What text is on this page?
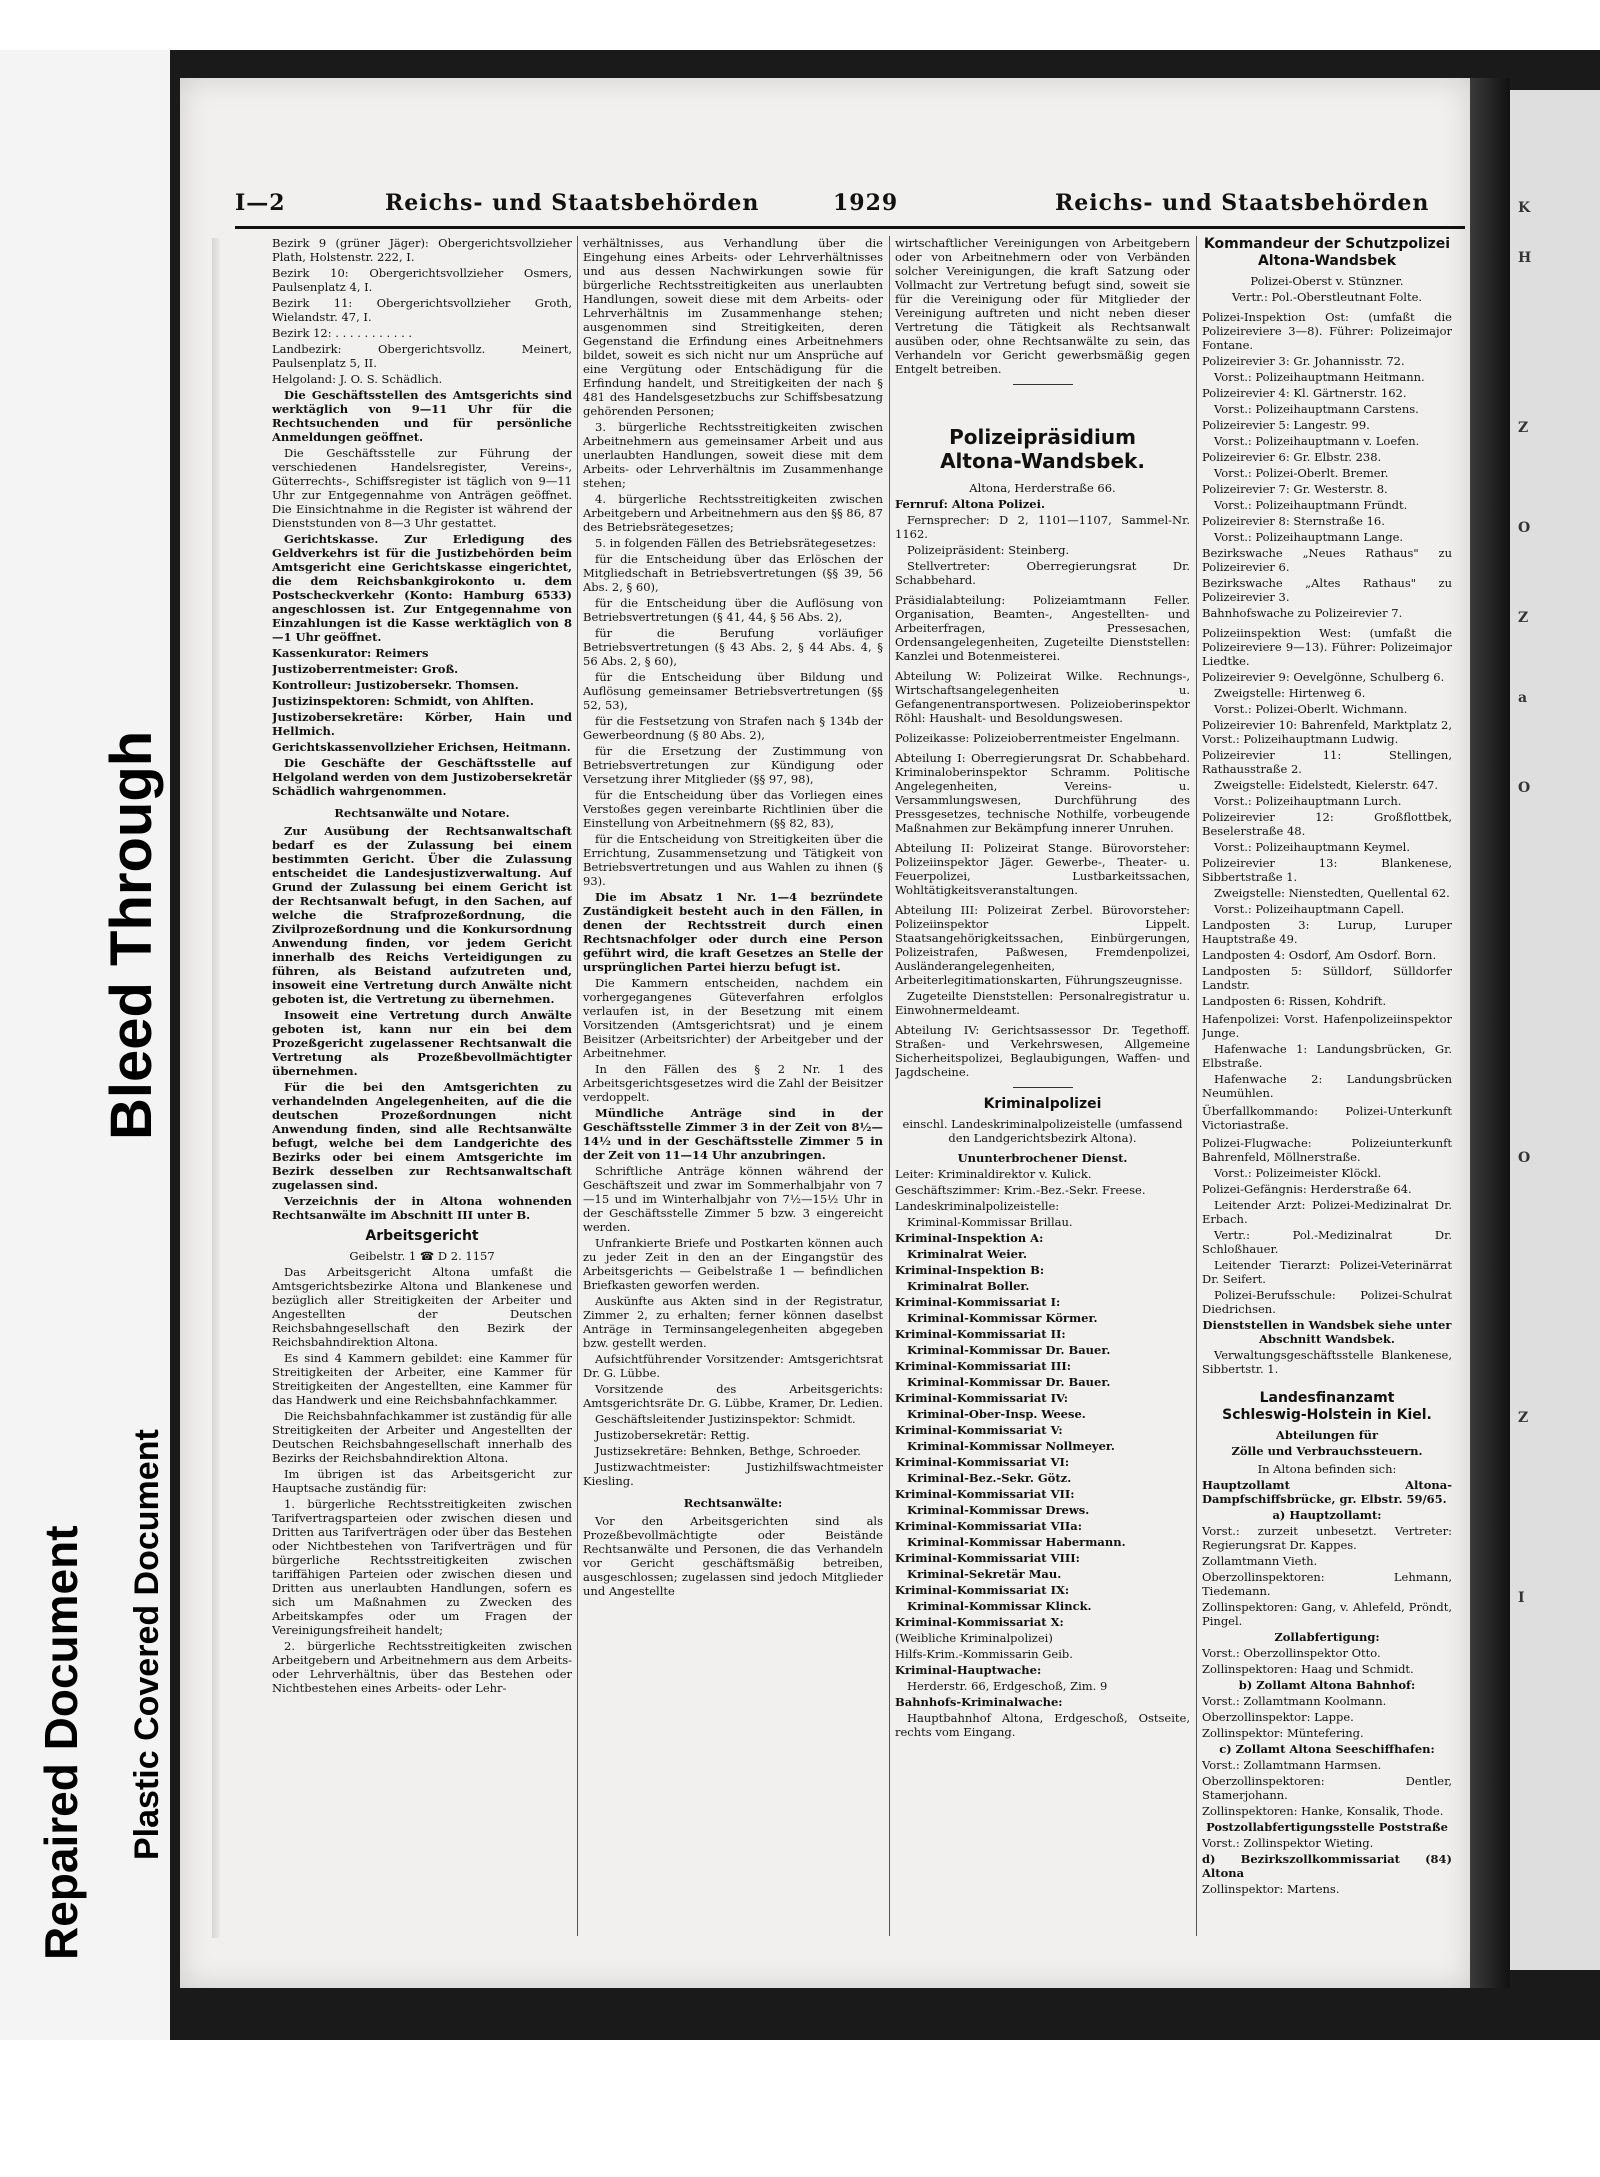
Bleed Through
Repaired Document Plastic Covered Document
I—2	Reichs- und Staatsbehörden	1929	Reichs- und Staatsbehörden

Bezirk 9 (grüner Jäger): Obergerichtsvollzieher Plath, Holstenstr. 222, I.

Bezirk 10: Obergerichtsvollzieher Osmers, Paulsenplatz 4, I.

Bezirk 11: Obergerichtsvollzieher Groth, Wielandstr. 47, I.

Bezirk 12: . . . . . . . . . . .

Landbezirk: Obergerichtsvollz. Meinert, Paulsenplatz 5, II.

Helgoland: J. O. S. Schädlich.

Die Geschäftsstellen des Amtsgerichts sind werktäglich von 9—11 Uhr für die Rechtsuchenden und für persönliche Anmeldungen geöffnet.

Die Geschäftsstelle zur Führung der verschiedenen Handelsregister, Vereins-, Güterrechts-, Schiffsregister ist täglich von 9—11 Uhr zur Entgegennahme von Anträgen geöffnet. Die Einsichtnahme in die Register ist während der Dienststunden von 8—3 Uhr gestattet.

Gerichtskasse. Zur Erledigung des Geldverkehrs ist für die Justizbehörden beim Amtsgericht eine Gerichtskasse eingerichtet, die dem Reichsbankgirokonto u. dem Postscheckverkehr (Konto: Hamburg 6533) angeschlossen ist. Zur Entgegennahme von Einzahlungen ist die Kasse werktäglich von 8—1 Uhr geöffnet.

Kassenkurator: Reimers

Justizoberrentmeister: Groß.

Kontrolleur: Justizobersekr. Thomsen.

Justizinspektoren: Schmidt, von Ahlften.

Justizobersekretäre: Körber, Hain und Hellmich.

Gerichtskassenvollzieher Erichsen, Heitmann.

Die Geschäfte der Geschäftsstelle auf Helgoland werden von dem Justizobersekretär Schädlich wahrgenommen.

Rechtsanwälte und Notare.

Zur Ausübung der Rechtsanwaltschaft bedarf es der Zulassung bei einem bestimmten Gericht. Über die Zulassung entscheidet die Landesjustizverwaltung. Auf Grund der Zulassung bei einem Gericht ist der Rechtsanwalt befugt, in den Sachen, auf welche die Strafprozeßordnung, die Zivilprozeßordnung und die Konkursordnung Anwendung finden, vor jedem Gericht innerhalb des Reichs Verteidigungen zu führen, als Beistand aufzutreten und, insoweit eine Vertretung durch Anwälte nicht geboten ist, die Vertretung zu übernehmen.

Insoweit eine Vertretung durch Anwälte geboten ist, kann nur ein bei dem Prozeßgericht zugelassener Rechtsanwalt die Vertretung als Prozeßbevollmächtigter übernehmen.

Für die bei den Amtsgerichten zu verhandelnden Angelegenheiten, auf die die deutschen Prozeßordnungen nicht Anwendung finden, sind alle Rechtsanwälte befugt, welche bei dem Landgerichte des Bezirks oder bei einem Amtsgerichte im Bezirk desselben zur Rechtsanwaltschaft zugelassen sind.

Verzeichnis der in Altona wohnenden Rechtsanwälte im Abschnitt III unter B.

Arbeitsgericht

Geibelstr. 1 ☎ D 2. 1157

Das Arbeitsgericht Altona umfaßt die Amtsgerichtsbezirke Altona und Blankenese und bezüglich aller Streitigkeiten der Arbeiter und Angestellten der Deutschen Reichsbahngesellschaft den Bezirk der Reichsbahndirektion Altona.

Es sind 4 Kammern gebildet: eine Kammer für Streitigkeiten der Arbeiter, eine Kammer für Streitigkeiten der Angestellten, eine Kammer für das Handwerk und eine Reichsbahnfachkammer.

Die Reichsbahnfachkammer ist zuständig für alle Streitigkeiten der Arbeiter und Angestellten der Deutschen Reichsbahngesellschaft innerhalb des Bezirks der Reichsbahndirektion Altona.

Im übrigen ist das Arbeitsgericht zur Hauptsache zuständig für:

1. bürgerliche Rechtsstreitigkeiten zwischen Tarifvertragsparteien oder zwischen diesen und Dritten aus Tarifverträgen oder über das Bestehen oder Nichtbestehen von Tarifverträgen und für bürgerliche Rechtsstreitigkeiten zwischen tariffähigen Parteien oder zwischen diesen und Dritten aus unerlaubten Handlungen, sofern es sich um Maßnahmen zu Zwecken des Arbeitskampfes oder um Fragen der Vereinigungsfreiheit handelt;

2. bürgerliche Rechtsstreitigkeiten zwischen Arbeitgebern und Arbeitnehmern aus dem Arbeits- oder Lehrverhältnis, über das Bestehen oder Nichtbestehen eines Arbeits- oder Lehr-

verhältnisses, aus Verhandlung über die Eingehung eines Arbeits- oder Lehrverhältnisses und aus dessen Nachwirkungen sowie für bürgerliche Rechtsstreitigkeiten aus unerlaubten Handlungen, soweit diese mit dem Arbeits- oder Lehrverhältnis im Zusammenhange stehen; ausgenommen sind Streitigkeiten, deren Gegenstand die Erfindung eines Arbeitnehmers bildet, soweit es sich nicht nur um Ansprüche auf eine Vergütung oder Entschädigung für die Erfindung handelt, und Streitigkeiten der nach § 481 des Handelsgesetzbuchs zur Schiffsbesatzung gehörenden Personen;

3. bürgerliche Rechtsstreitigkeiten zwischen Arbeitnehmern aus gemeinsamer Arbeit und aus unerlaubten Handlungen, soweit diese mit dem Arbeits- oder Lehrverhältnis im Zusammenhange stehen;

4. bürgerliche Rechtsstreitigkeiten zwischen Arbeitgebern und Arbeitnehmern aus den §§ 86, 87 des Betriebsrätegesetzes;

5. in folgenden Fällen des Betriebsrätegesetzes:

für die Entscheidung über das Erlöschen der Mitgliedschaft in Betriebsvertretungen (§§ 39, 56 Abs. 2, § 60),

für die Entscheidung über die Auflösung von Betriebsvertretungen (§ 41, 44, § 56 Abs. 2),

für die Berufung vorläufiger Betriebsvertretungen (§ 43 Abs. 2, § 44 Abs. 4, § 56 Abs. 2, § 60),

für die Entscheidung über Bildung und Auflösung gemeinsamer Betriebsvertretungen (§§ 52, 53),

für die Festsetzung von Strafen nach § 134b der Gewerbeordnung (§ 80 Abs. 2),

für die Ersetzung der Zustimmung von Betriebsvertretungen zur Kündigung oder Versetzung ihrer Mitglieder (§§ 97, 98),

für die Entscheidung über das Vorliegen eines Verstoßes gegen vereinbarte Richtlinien über die Einstellung von Arbeitnehmern (§§ 82, 83),

für die Entscheidung von Streitigkeiten über die Errichtung, Zusammensetzung und Tätigkeit von Betriebsvertretungen und aus Wahlen zu ihnen (§ 93).

Die im Absatz 1 Nr. 1—4 bezründete Zuständigkeit besteht auch in den Fällen, in denen der Rechtsstreit durch einen Rechtsnachfolger oder durch eine Person geführt wird, die kraft Gesetzes an Stelle der ursprünglichen Partei hierzu befugt ist.

Die Kammern entscheiden, nachdem ein vorhergegangenes Güteverfahren erfolglos verlaufen ist, in der Besetzung mit einem Vorsitzenden (Amtsgerichtsrat) und je einem Beisitzer (Arbeitsrichter) der Arbeitgeber und der Arbeitnehmer.

In den Fällen des § 2 Nr. 1 des Arbeitsgerichtsgesetzes wird die Zahl der Beisitzer verdoppelt.

Mündliche Anträge sind in der Geschäftsstelle Zimmer 3 in der Zeit von 8½—14½ und in der Geschäftsstelle Zimmer 5 in der Zeit von 11—14 Uhr anzubringen.

Schriftliche Anträge können während der Geschäftszeit und zwar im Sommerhalbjahr von 7—15 und im Winterhalbjahr von 7½—15½ Uhr in der Geschäftsstelle Zimmer 5 bzw. 3 eingereicht werden.

Unfrankierte Briefe und Postkarten können auch zu jeder Zeit in den an der Eingangstür des Arbeitsgerichts — Geibelstraße 1 — befindlichen Briefkasten geworfen werden.

Auskünfte aus Akten sind in der Registratur, Zimmer 2, zu erhalten; ferner können daselbst Anträge in Terminsangelegenheiten abgegeben bzw. gestellt werden.

Aufsichtführender Vorsitzender: Amtsgerichtsrat Dr. G. Lübbe.

Vorsitzende des Arbeitsgerichts: Amtsgerichtsräte Dr. G. Lübbe, Kramer, Dr. Ledien.

Geschäftsleitender Justizinspektor: Schmidt.

Justizobersekretär: Rettig.

Justizsekretäre: Behnken, Bethge, Schroeder.

Justizwachtmeister: Justizhilfswachtmeister Kiesling.

Rechtsanwälte:

Vor den Arbeitsgerichten sind als Prozeßbevollmächtigte oder Beistände Rechtsanwälte und Personen, die das Verhandeln vor Gericht geschäftsmäßig betreiben, ausgeschlossen; zugelassen sind jedoch Mitglieder und Angestellte

wirtschaftlicher Vereinigungen von Arbeitgebern oder von Arbeitnehmern oder von Verbänden solcher Vereinigungen, die kraft Satzung oder Vollmacht zur Vertretung befugt sind, soweit sie für die Vereinigung oder für Mitglieder der Vereinigung auftreten und nicht neben dieser Vertretung die Tätigkeit als Rechtsanwalt ausüben oder, ohne Rechtsanwälte zu sein, das Verhandeln vor Gericht gewerbsmäßig gegen Entgelt betreiben.

Polizeipräsidium
Altona-Wandsbek.

Altona, Herderstraße 66.

Fernruf: Altona Polizei.

Fernsprecher: D 2, 1101—1107, Sammel-Nr. 1162.

Polizeipräsident: Steinberg.

Stellvertreter: Oberregierungsrat Dr. Schabbehard.

Präsidialabteilung: Polizeiamtmann Feller. Organisation, Beamten-, Angestellten- und Arbeiterfragen, Pressesachen, Ordensangelegenheiten, Zugeteilte Dienststellen: Kanzlei und Botenmeisterei.

Abteilung W: Polizeirat Wilke. Rechnungs-, Wirtschaftsangelegenheiten u. Gefangenentransportwesen. Polizeioberinspektor Röhl: Haushalt- und Besoldungswesen.

Polizeikasse: Polizeioberrentmeister Engelmann.

Abteilung I: Oberregierungsrat Dr. Schabbehard. Kriminaloberinspektor Schramm. Politische Angelegenheiten, Vereins- u. Versammlungswesen, Durchführung des Pressgesetzes, technische Nothilfe, vorbeugende Maßnahmen zur Bekämpfung innerer Unruhen.

Abteilung II: Polizeirat Stange. Bürovorsteher: Polizeiinspektor Jäger. Gewerbe-, Theater- u. Feuerpolizei, Lustbarkeitssachen, Wohltätigkeitsveranstaltungen.

Abteilung III: Polizeirat Zerbel. Bürovorsteher: Polizeiinspektor Lippelt. Staatsangehörigkeitssachen, Einbürgerungen, Polizeistrafen, Paßwesen, Fremdenpolizei, Ausländerangelegenheiten, Arbeiterlegitimationskarten, Führungszeugnisse.

Zugeteilte Dienststellen: Personalregistratur u. Einwohnermeldeamt.

Abteilung IV: Gerichtsassessor Dr. Tegethoff. Straßen- und Verkehrswesen, Allgemeine Sicherheitspolizei, Beglaubigungen, Waffen- und Jagdscheine.

Kriminalpolizei

einschl. Landeskriminalpolizeistelle (umfassend den Landgerichtsbezirk Altona).

Ununterbrochener Dienst.

Leiter: Kriminaldirektor v. Kulick.

Geschäftszimmer: Krim.-Bez.-Sekr. Freese.

Landeskriminalpolizeistelle:

Kriminal-Kommissar Brillau.

Kriminal-Inspektion A:

Kriminalrat Weier.

Kriminal-Inspektion B:

Kriminalrat Boller.

Kriminal-Kommissariat I:

Kriminal-Kommissar Körmer.

Kriminal-Kommissariat II:

Kriminal-Kommissar Dr. Bauer.

Kriminal-Kommissariat III:

Kriminal-Kommissar Dr. Bauer.

Kriminal-Kommissariat IV:

Kriminal-Ober-Insp. Weese.

Kriminal-Kommissariat V:

Kriminal-Kommissar Nollmeyer.

Kriminal-Kommissariat VI:

Kriminal-Bez.-Sekr. Götz.

Kriminal-Kommissariat VII:

Kriminal-Kommissar Drews.

Kriminal-Kommissariat VIIa:

Kriminal-Kommissar Habermann.

Kriminal-Kommissariat VIII:

Kriminal-Sekretär Mau.

Kriminal-Kommissariat IX:

Kriminal-Kommissar Klinck.

Kriminal-Kommissariat X:

(Weibliche Kriminalpolizei)

Hilfs-Krim.-Kommissarin Geib.

Kriminal-Hauptwache:

Herderstr. 66, Erdgeschoß, Zim. 9

Bahnhofs-Kriminalwache:

Hauptbahnhof Altona, Erdgeschoß, Ostseite, rechts vom Eingang.

Kommandeur der Schutzpolizei Altona-Wandsbek

Polizei-Oberst v. Stünzner.

Vertr.: Pol.-Oberstleutnant Folte.

Polizei-Inspektion Ost: (umfaßt die Polizeireviere 3—8). Führer: Polizeimajor Fontane.

Polizeirevier 3: Gr. Johannisstr. 72.

Vorst.: Polizeihauptmann Heitmann.

Polizeirevier 4: Kl. Gärtnerstr. 162.

Vorst.: Polizeihauptmann Carstens.

Polizeirevier 5: Langestr. 99.

Vorst.: Polizeihauptmann v. Loefen.

Polizeirevier 6: Gr. Elbstr. 238.

Vorst.: Polizei-Oberlt. Bremer.

Polizeirevier 7: Gr. Westerstr. 8.

Vorst.: Polizeihauptmann Fründt.

Polizeirevier 8: Sternstraße 16.

Vorst.: Polizeihauptmann Lange.

Bezirkswache „Neues Rathaus" zu Polizeirevier 6.

Bezirkswache „Altes Rathaus" zu Polizeirevier 3.

Bahnhofswache zu Polizeirevier 7.

Polizeiinspektion West: (umfaßt die Polizeireviere 9—13). Führer: Polizeimajor Liedtke.

Polizeirevier 9: Oevelgönne, Schulberg 6.

Zweigstelle: Hirtenweg 6.

Vorst.: Polizei-Oberlt. Wichmann.

Polizeirevier 10: Bahrenfeld, Marktplatz 2, Vorst.: Polizeihauptmann Ludwig.

Polizeirevier 11: Stellingen, Rathausstraße 2.

Zweigstelle: Eidelstedt, Kielerstr. 647.

Vorst.: Polizeihauptmann Lurch.

Polizeirevier 12: Großflottbek, Beselerstraße 48.

Vorst.: Polizeihauptmann Keymel.

Polizeirevier 13: Blankenese, Sibbertstraße 1.

Zweigstelle: Nienstedten, Quellental 62.

Vorst.: Polizeihauptmann Capell.

Landposten 3: Lurup, Luruper Hauptstraße 49.

Landposten 4: Osdorf, Am Osdorf. Born.

Landposten 5: Sülldorf, Sülldorfer Landstr.

Landposten 6: Rissen, Kohdrift.

Hafenpolizei: Vorst. Hafenpolizeiinspektor Junge.

Hafenwache 1: Landungsbrücken, Gr. Elbstraße.

Hafenwache 2: Landungsbrücken Neumühlen.

Überfallkommando: Polizei-Unterkunft Victoriastraße.

Polizei-Flugwache: Polizeiunterkunft Bahrenfeld, Möllnerstraße.

Vorst.: Polizeimeister Klöckl.

Polizei-Gefängnis: Herderstraße 64.

Leitender Arzt: Polizei-Medizinalrat Dr. Erbach.

Vertr.: Pol.-Medizinalrat Dr. Schloßhauer.

Leitender Tierarzt: Polizei-Veterinärrat Dr. Seifert.

Polizei-Berufsschule: Polizei-Schulrat Diedrichsen.

Dienststellen in Wandsbek siehe unter Abschnitt Wandsbek.

Verwaltungsgeschäftsstelle Blankenese, Sibbertstr. 1.

Landesfinanzamt
Schleswig-Holstein in Kiel.

Abteilungen für

Zölle und Verbrauchssteuern.

In Altona befinden sich:

Hauptzollamt Altona-Dampfschiffsbrücke, gr. Elbstr. 59/65.

a) Hauptzollamt:

Vorst.: zurzeit unbesetzt. Vertreter: Regierungsrat Dr. Kappes.

Zollamtmann Vieth.

Oberzollinspektoren: Lehmann, Tiedemann.

Zollinspektoren: Gang, v. Ahlefeld, Pröndt, Pingel.

Zollabfertigung:

Vorst.: Oberzollinspektor Otto.

Zollinspektoren: Haag und Schmidt.

b) Zollamt Altona Bahnhof:

Vorst.: Zollamtmann Koolmann.

Oberzollinspektor: Lappe.

Zollinspektor: Müntefering.

c) Zollamt Altona Seeschiffhafen:

Vorst.: Zollamtmann Harmsen.

Oberzollinspektoren: Dentler, Stamerjohann.

Zollinspektoren: Hanke, Konsalik, Thode.

Postzollabfertigungsstelle Poststraße

Vorst.: Zollinspektor Wieting.

d) Bezirkszollkommissariat (84) Altona

Zollinspektor: Martens.

K
H
Z
O
Z
a
O
O
Z
I
